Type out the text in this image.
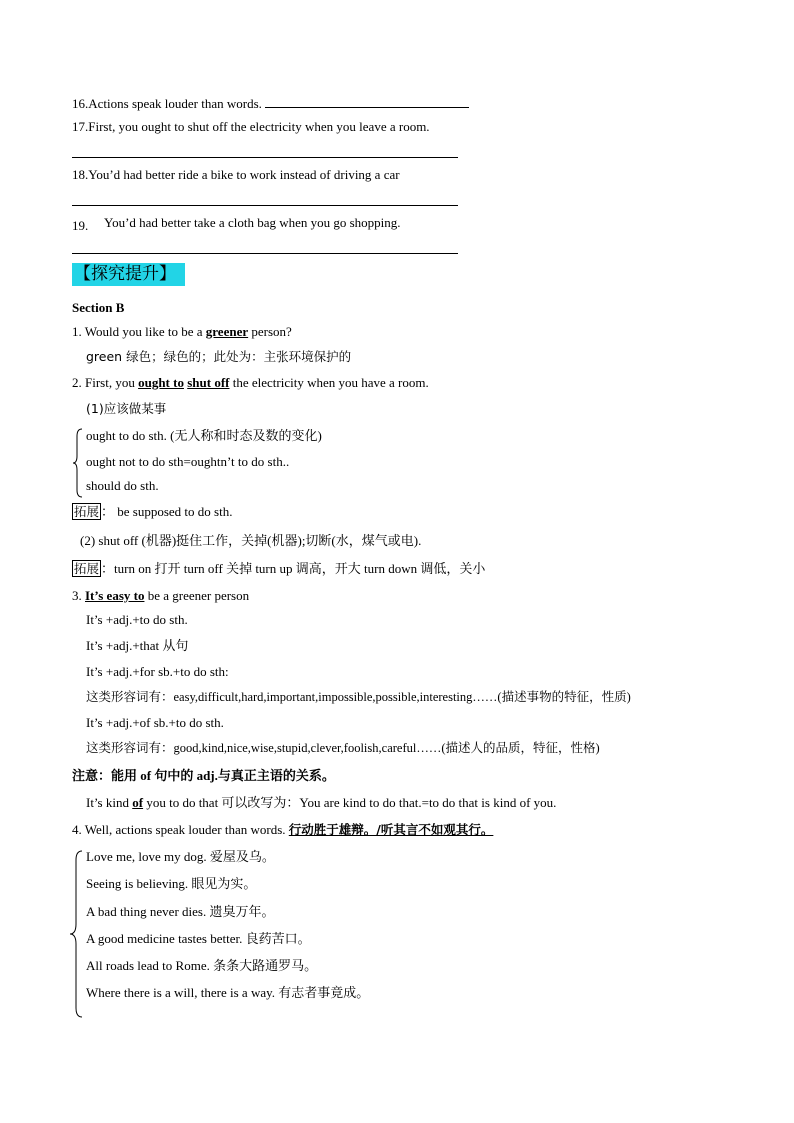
16.Actions speak louder than words.
17.First, you ought to shut off the electricity when you leave a room.
18.You’d had better ride a bike to work instead of driving a car
19. You’d had better take a cloth bag when you go shopping.
【探究提升】
Section B
1. Would you like to be a greener person?
green 绿色；绿色的；此处为：主张环境保护的
2. First, you ought to shut off the electricity when you have a room.
(1)应该做某事
ought to do sth. (无人称和时态及数的变化)
ought not to do sth=oughtn’t to do sth..
should do sth.
拓展 ： be supposed to do sth.
(2) shut off (机器)挺住工作，关掉(机器);切断(水，煤气或电).
拓展 ：turn on 打开 turn off 关掉 turn up 调高，开大 turn down 调低，关小
3. It’s easy to be a greener person
It’s +adj.+to do sth.
It’s +adj.+that 从句
It’s +adj.+for sb.+to do sth:
这类形容词有：easy,difficult,hard,important,impossible,possible,interesting……(描述事物的特征，性质)
It’s +adj.+of sb.+to do sth.
这类形容词有：good,kind,nice,wise,stupid,clever,foolish,careful……(描述人的品质，特征，性格)
注意：能用 of 句中的 adj.与真正主语的关系。
It’s kind of you to do that 可以改写为：You are kind to do that.=to do that is kind of you.
4. Well, actions speak louder than words. 行动胜于雄辩。/听其言不如观其行。
Love me, love my dog. 爱屋及乌。
Seeing is believing. 眼见为实。
A bad thing never dies. 遗臭万年。
A good medicine tastes better. 良药苦口。
All roads lead to Rome. 条条大路通罗马。
Where there is a will, there is a way. 有志者事竟成。
